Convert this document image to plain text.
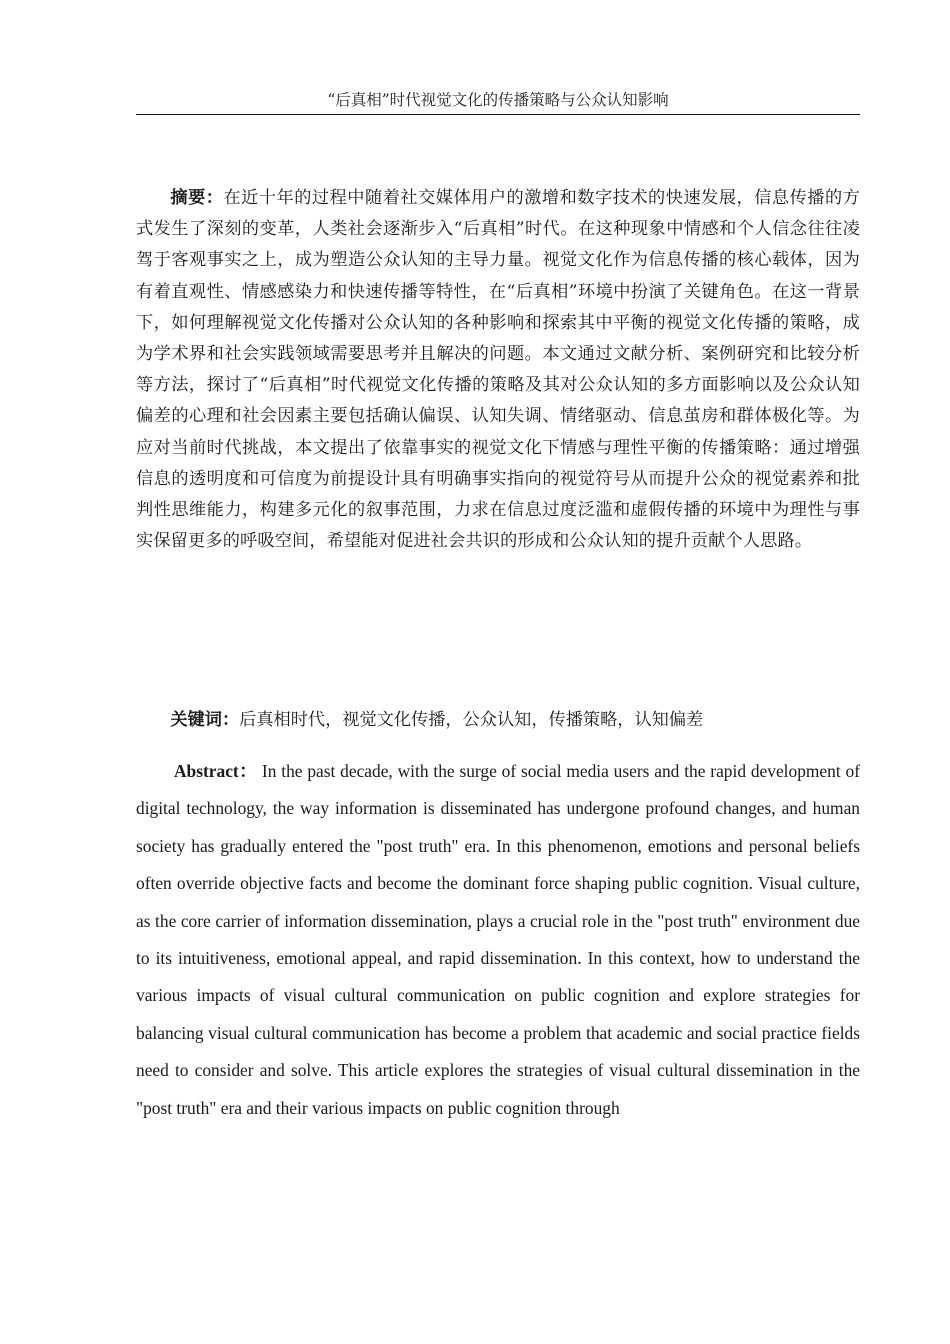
“后真相”时代视觉文化的传播策略与公众认知影响

摘要：在近十年的过程中随着社交媒体用户的激增和数字技术的快速发展，信息传播的方式发生了深刻的变革，人类社会逐渐步入“后真相”时代。在这种现象中情感和个人信念往往凌驾于客观事实之上，成为塑造公众认知的主导力量。视觉文化作为信息传播的核心载体，因为有着直观性、情感感染力和快速传播等特性，在“后真相”环境中扮演了关键角色。在这一背景下，如何理解视觉文化传播对公众认知的各种影响和探索其中平衡的视觉文化传播的策略，成为学术界和社会实践领域需要思考并且解决的问题。本文通过文献分析、案例研究和比较分析等方法，探讨了“后真相”时代视觉文化传播的策略及其对公众认知的多方面影响以及公众认知偏差的心理和社会因素主要包括确认偏误、认知失调、情绪驱动、信息茧房和群体极化等。为应对当前时代挑战，本文提出了依靠事实的视觉文化下情感与理性平衡的传播策略：通过增强信息的透明度和可信度为前提设计具有明确事实指向的视觉符号从而提升公众的视觉素养和批判性思维能力，构建多元化的叙事范围，力求在信息过度泛滥和虚假传播的环境中为理性与事实保留更多的呼吸空间，希望能对促进社会共识的形成和公众认知的提升贡献个人思路。

关键词：后真相时代，视觉文化传播，公众认知，传播策略，认知偏差

Abstract： In the past decade, with the surge of social media users and the rapid development of digital technology, the way information is disseminated has undergone profound changes, and human society has gradually entered the "post truth" era. In this phenomenon, emotions and personal beliefs often override objective facts and become the dominant force shaping public cognition. Visual culture, as the core carrier of information dissemination, plays a crucial role in the "post truth" environment due to its intuitiveness, emotional appeal, and rapid dissemination. In this context, how to understand the various impacts of visual cultural communication on public cognition and explore strategies for balancing visual cultural communication has become a problem that academic and social practice fields need to consider and solve. This article explores the strategies of visual cultural dissemination in the "post truth" era and their various impacts on public cognition through
